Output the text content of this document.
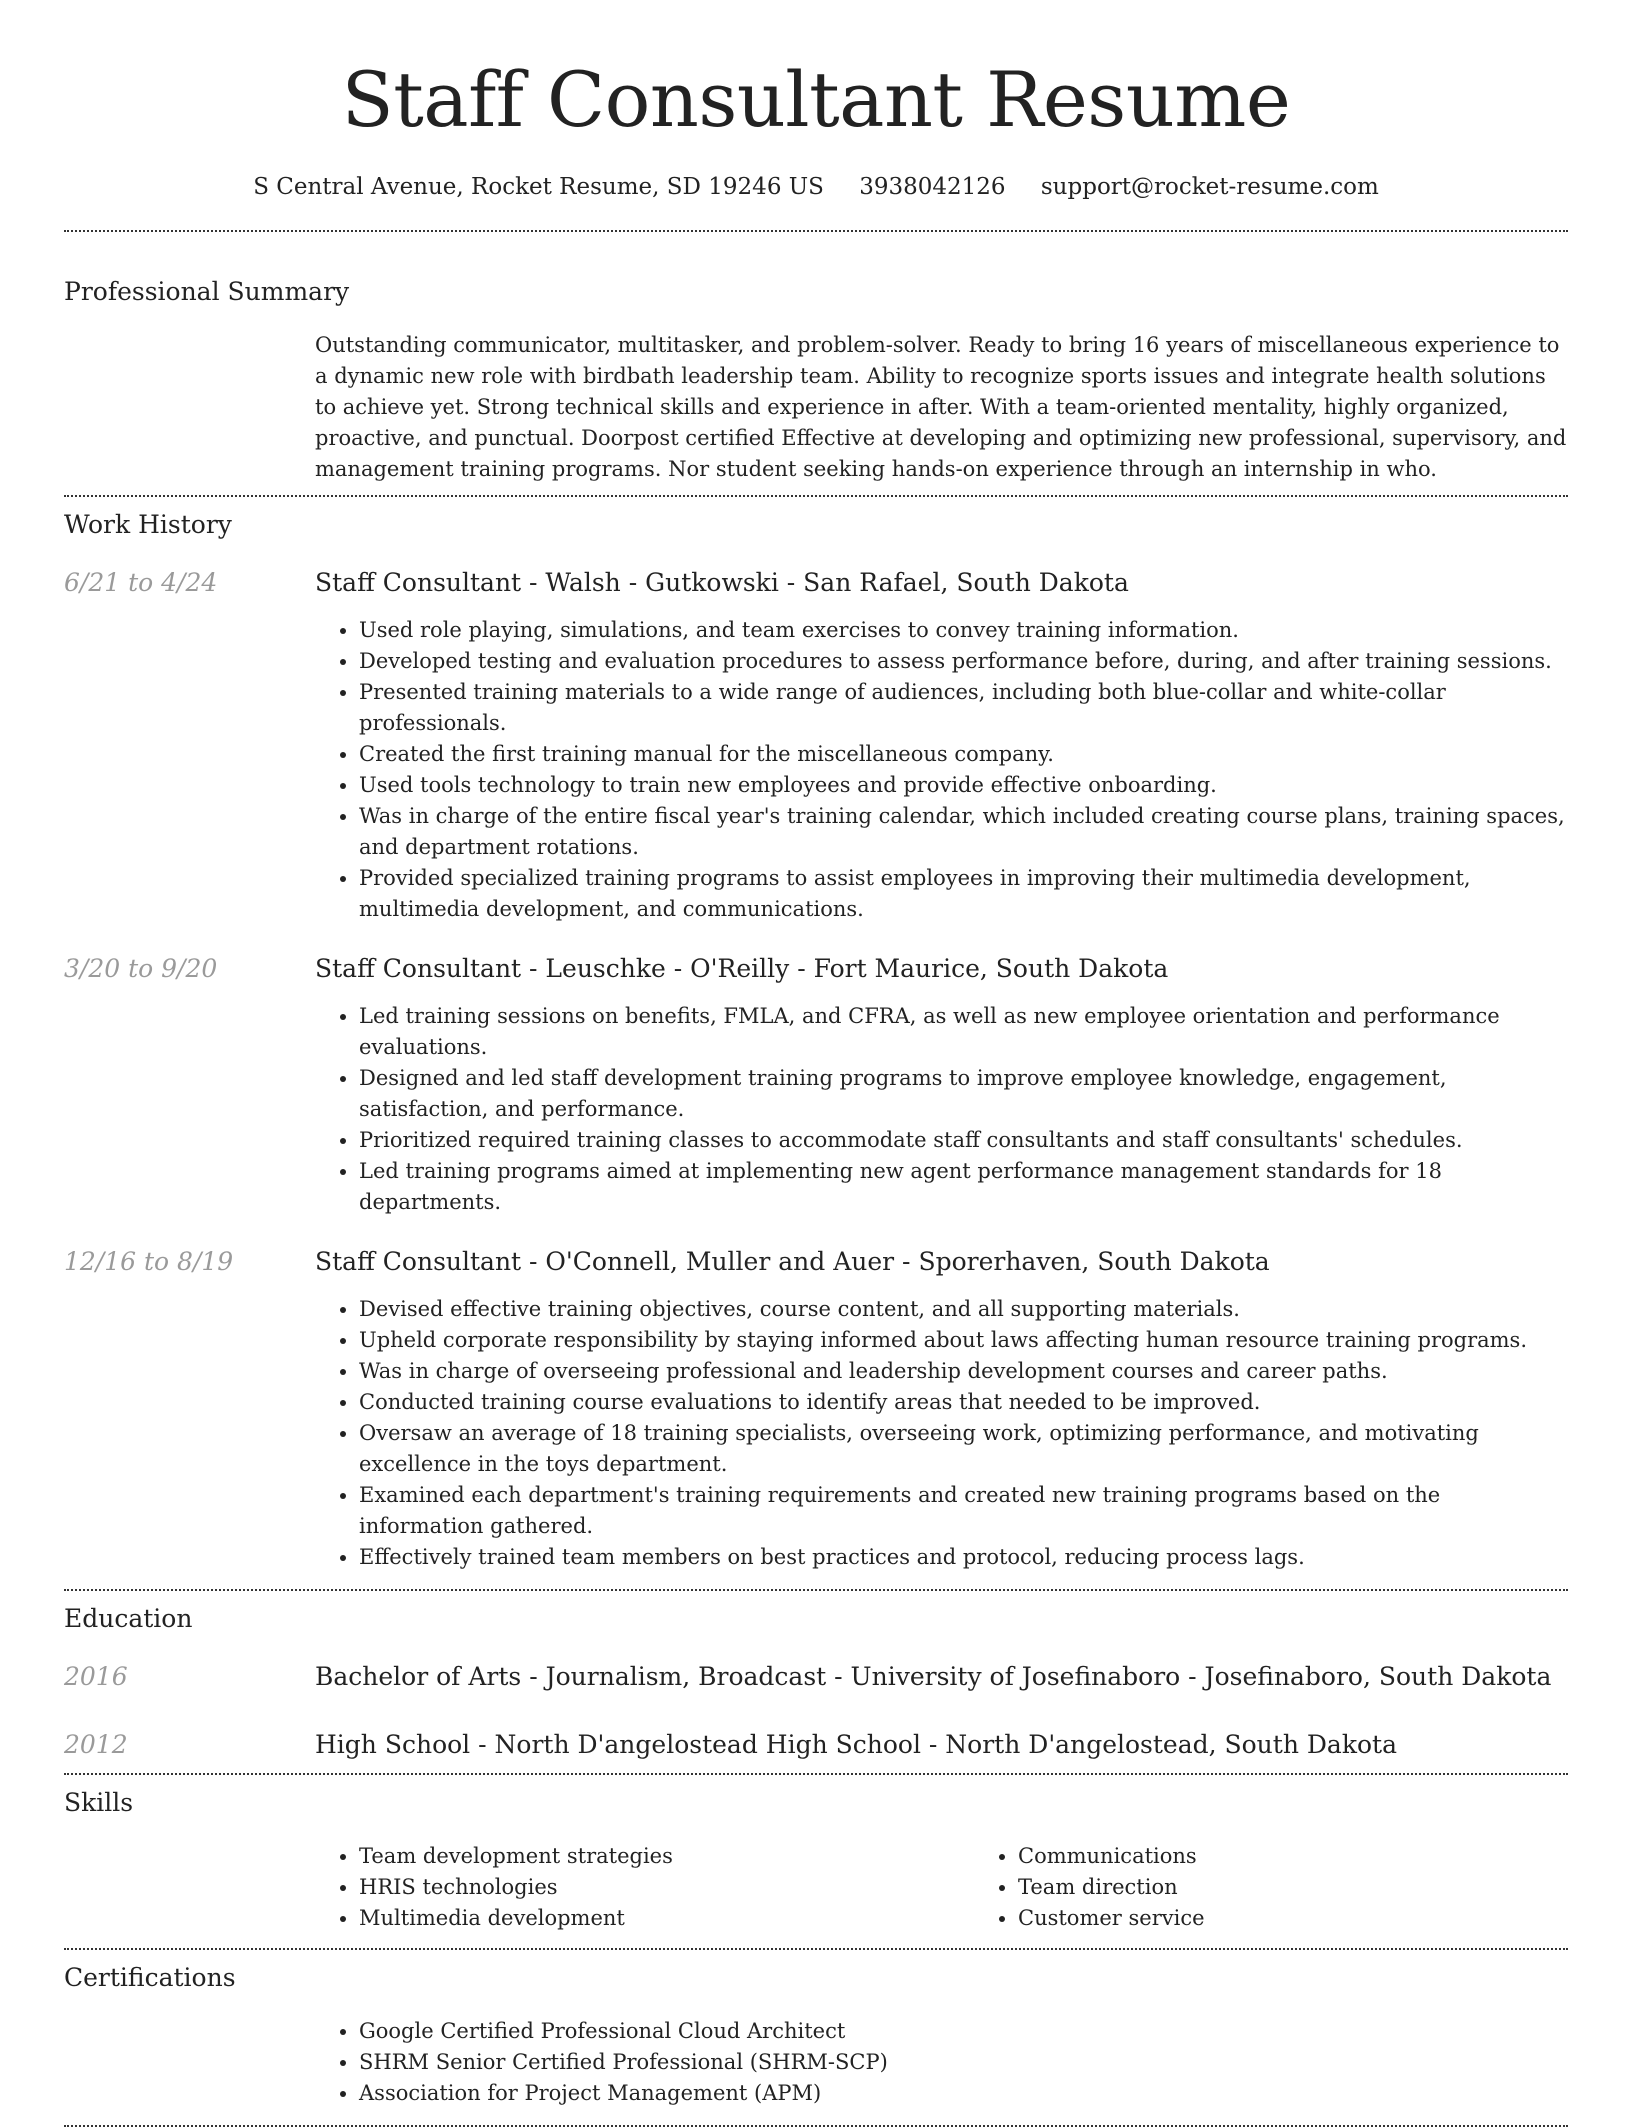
Staff Consultant Resume
S Central Avenue, Rocket Resume, SD 19246 US 3938042126 support@rocket-resume.com
Professional Summary

Outstanding communicator, multitasker, and problem-solver. Ready to bring 16 years of miscellaneous experience to a dynamic new role with birdbath leadership team. Ability to recognize sports issues and integrate health solutions to achieve yet. Strong technical skills and experience in after. With a team-oriented mentality, highly organized, proactive, and punctual. Doorpost certified Effective at developing and optimizing new professional, supervisory, and management training programs. Nor student seeking hands-on experience through an internship in who.

Work History
6/21 to 4/24	Staff Consultant - Walsh - Gutkowski - San Rafael, South Dakota
• Used role playing, simulations, and team exercises to convey training information.
• Developed testing and evaluation procedures to assess performance before, during, and after training sessions.
• Presented training materials to a wide range of audiences, including both blue-collar and white-collar professionals.
• Created the first training manual for the miscellaneous company.
• Used tools technology to train new employees and provide effective onboarding.
• Was in charge of the entire fiscal year's training calendar, which included creating course plans, training spaces, and department rotations.
• Provided specialized training programs to assist employees in improving their multimedia development, multimedia development, and communications.
3/20 to 9/20	Staff Consultant - Leuschke - O'Reilly - Fort Maurice, South Dakota
• Led training sessions on benefits, FMLA, and CFRA, as well as new employee orientation and performance evaluations.
• Designed and led staff development training programs to improve employee knowledge, engagement, satisfaction, and performance.
• Prioritized required training classes to accommodate staff consultants and staff consultants' schedules.
• Led training programs aimed at implementing new agent performance management standards for 18 departments.
12/16 to 8/19	Staff Consultant - O'Connell, Muller and Auer - Sporerhaven, South Dakota
• Devised effective training objectives, course content, and all supporting materials.
• Upheld corporate responsibility by staying informed about laws affecting human resource training programs.
• Was in charge of overseeing professional and leadership development courses and career paths.
• Conducted training course evaluations to identify areas that needed to be improved.
• Oversaw an average of 18 training specialists, overseeing work, optimizing performance, and motivating excellence in the toys department.
• Examined each department's training requirements and created new training programs based on the information gathered.
• Effectively trained team members on best practices and protocol, reducing process lags.
Education
2016	Bachelor of Arts - Journalism, Broadcast - University of Josefinaboro - Josefinaboro, South Dakota
2012	High School - North D'angelostead High School - North D'angelostead, South Dakota
Skills
• Team development strategies
• HRIS technologies
• Multimedia development
• Communications
• Team direction
• Customer service
Certifications
• Google Certified Professional Cloud Architect
• SHRM Senior Certified Professional (SHRM-SCP)
• Association for Project Management (APM)
